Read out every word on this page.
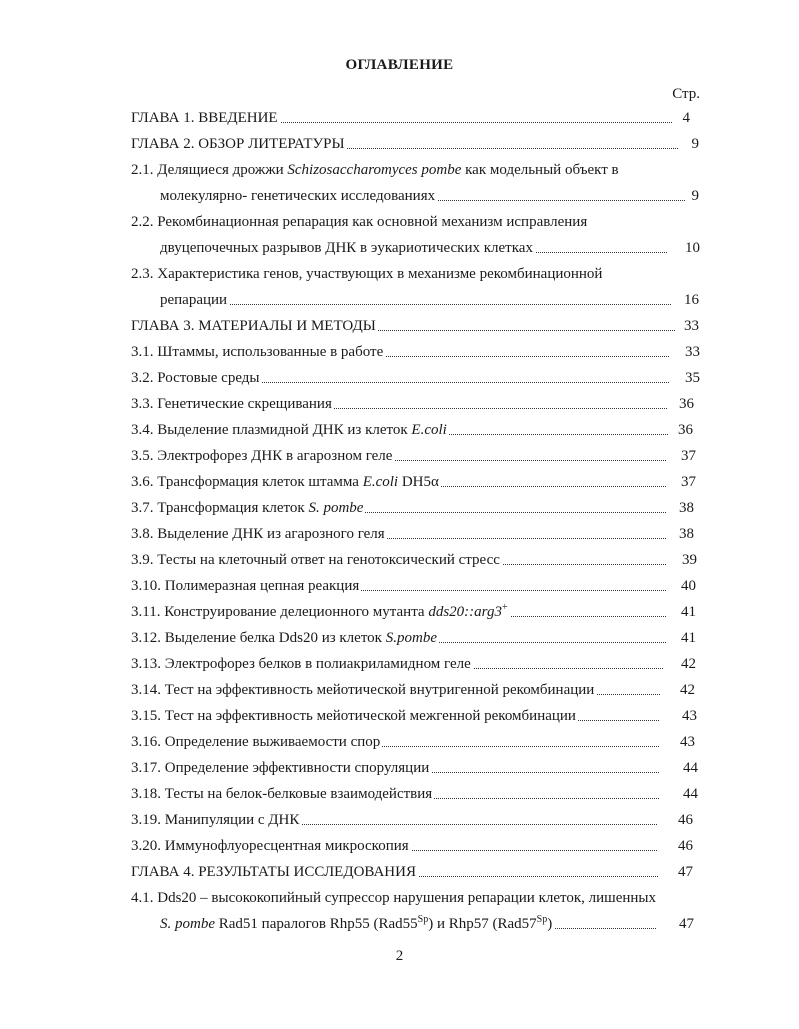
ОГЛАВЛЕНИЕ
Стр.
ГЛАВА 1. ВВЕДЕНИЕ	4
ГЛАВА 2. ОБЗОР ЛИТЕРАТУРЫ	9
2.1. Делящиеся дрожжи Schizosaccharomyces pombe как модельный объект в
молекулярно- генетических исследованиях	9
2.2. Рекомбинационная репарация как основной механизм исправления
двуцепочечных разрывов ДНК в эукариотических клетках	10
2.3. Характеристика генов, участвующих в механизме рекомбинационной
репарации	16
ГЛАВА 3. МАТЕРИАЛЫ И МЕТОДЫ	33
3.1. Штаммы, использованные в работе	33
3.2. Ростовые среды	35
3.3. Генетические скрещивания	36
3.4. Выделение плазмидной ДНК из клеток E.coli	36
3.5. Электрофорез ДНК в агарозном геле	37
3.6. Трансформация клеток штамма E.coli DH5α	37
3.7. Трансформация клеток S. pombe	38
3.8. Выделение ДНК из агарозного геля	38
3.9. Тесты на клеточный ответ на генотоксический стресс	39
3.10. Полимеразная цепная реакция	40
3.11. Конструирование делеционного мутанта dds20::arg3+	41
3.12. Выделение белка Dds20 из клеток S.pombe	41
3.13. Электрофорез белков в полиакриламидном геле	42
3.14. Тест на эффективность мейотической внутригенной рекомбинации	42
3.15. Тест на эффективность мейотической межгенной рекомбинации	43
3.16. Определение выживаемости спор	43
3.17. Определение эффективности споруляции	44
3.18. Тесты на белок-белковые взаимодействия	44
3.19. Манипуляции с ДНК	46
3.20. Иммунофлуоресцентная микроскопия	46
ГЛАВА 4. РЕЗУЛЬТАТЫ ИССЛЕДОВАНИЯ	47
4.1. Dds20 – высококопийный супрессор нарушения репарации клеток, лишенных
S. pombe Rad51 паралогов Rhp55 $(Rad55^{Sp})$ и Rhp57 $(Rad57^{Sp})$	47
2
